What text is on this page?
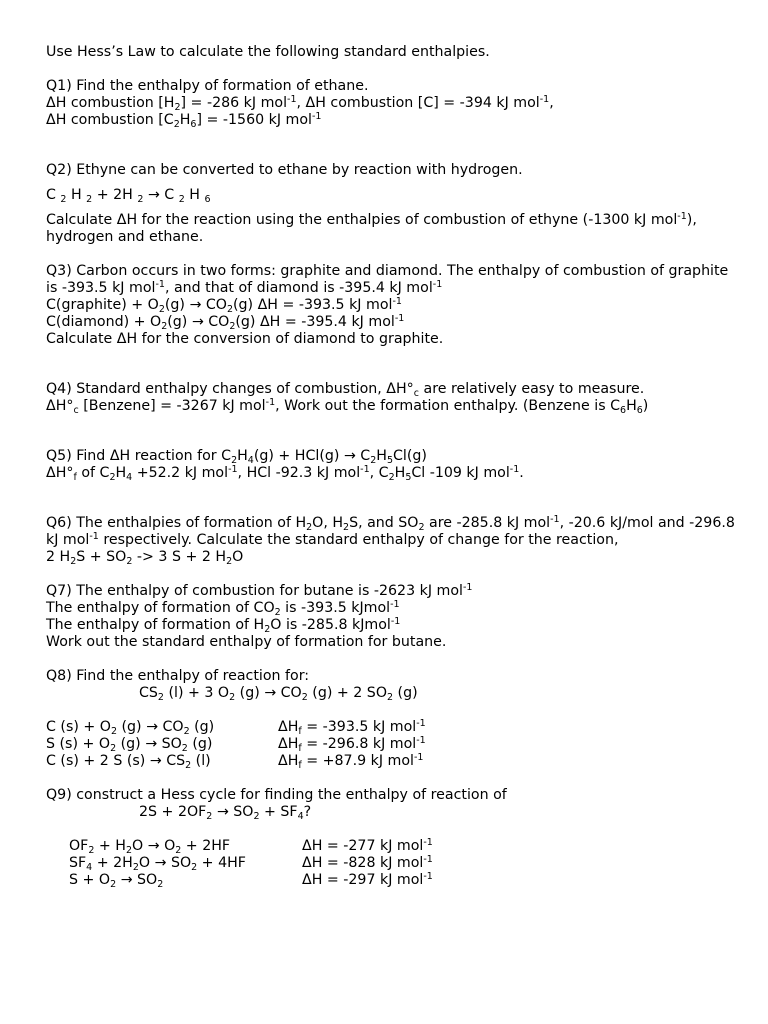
Use Hess’s Law to calculate the following standard enthalpies.
Q1) Find the enthalpy of formation of ethane.
ΔH combustion $[H_2] = -286$ kJ mol$^{-1}$, ΔH combustion [C] = -394 kJ mol$^{-1}$,
ΔH combustion $[C_2H_6] = -1560$ kJ mol$^{-1}$
Q2) Ethyne can be converted to ethane by reaction with hydrogen.
C $_2$ H $_2$ + 2H $_2$ → C $_2$ H $_6$
Calculate ΔH for the reaction using the enthalpies of combustion of ethyne (-1300 kJ mol$^{-1}$), hydrogen and ethane.
Q3) Carbon occurs in two forms: graphite and diamond. The enthalpy of combustion of graphite is -393.5 kJ mol$^{-1}$, and that of diamond is -395.4 kJ mol$^{-1}$
C(graphite) + $O_2(g) \to CO_2(g) \Delta H = -393.5$ kJ mol$^{-1}$
C(diamond) + $O_2(g) \to CO_2(g) \Delta H = -395.4$ kJ mol$^{-1}$
Calculate ΔH for the conversion of diamond to graphite.
Q4) Standard enthalpy changes of combustion, $\Delta H^\circ_c$ are relatively easy to measure.
$\Delta H^\circ_c$ [Benzene] = -3267 kJ mol$^{-1}$, Work out the formation enthalpy. (Benzene is $C_6H_6$)
Q5) Find ΔH reaction for $C_2H_4(g) + HCl(g) \to C_2H_5Cl(g)$
$\Delta H^\circ_f$ of $C_2H_4 +52.2$ kJ mol$^{-1}$, HCl -92.3 kJ mol$^{-1}$, $C_2H_5Cl$ -109 kJ mol$^{-1}$.
Q6) The enthalpies of formation of $H_2O$, $H_2S$, and $SO_2$ are -285.8 kJ mol$^{-1}$, -20.6 kJ/mol and -296.8 kJ mol$^{-1}$ respectively. Calculate the standard enthalpy of change for the reaction,
2 $H_2S + SO_2 -> 3$ S + 2 $H_2O$
Q7) The enthalpy of combustion for butane is -2623 kJ mol$^{-1}$
The enthalpy of formation of $CO_2$ is -393.5 kJmol$^{-1}$
The enthalpy of formation of $H_2O$ is -285.8 kJmol$^{-1}$
Work out the standard enthalpy of formation for butane.
Q8) Find the enthalpy of reaction for:
$CS_2$ (l) + 3 $O_2$ $(g) \to CO_2$ (g) + 2 $SO_2$ (g)
C $(s) + O_2$ $(g) \to CO_2$ (g)	$\Delta H_f = -393.5$ kJ mol$^{-1}$
S $(s) + O_2$ $(g) \to SO_2$ (g)	$\Delta H_f = -296.8$ kJ mol$^{-1}$
C (s) + 2 S $(s) \to CS_2$ (l)	$\Delta H_f = +87.9$ kJ mol$^{-1}$
Q9) construct a Hess cycle for finding the enthalpy of reaction of
$2S + 2OF_2 \to SO_2 + SF_4$?
$OF_2 + H_2O \to O_2 + 2HF$	ΔH = -277 kJ mol$^{-1}$
$SF_4 + 2H_2O \to SO_2 + 4HF$	ΔH = -828 kJ mol$^{-1}$
$S + O_2 \to SO_2$	ΔH = -297 kJ mol$^{-1}$
